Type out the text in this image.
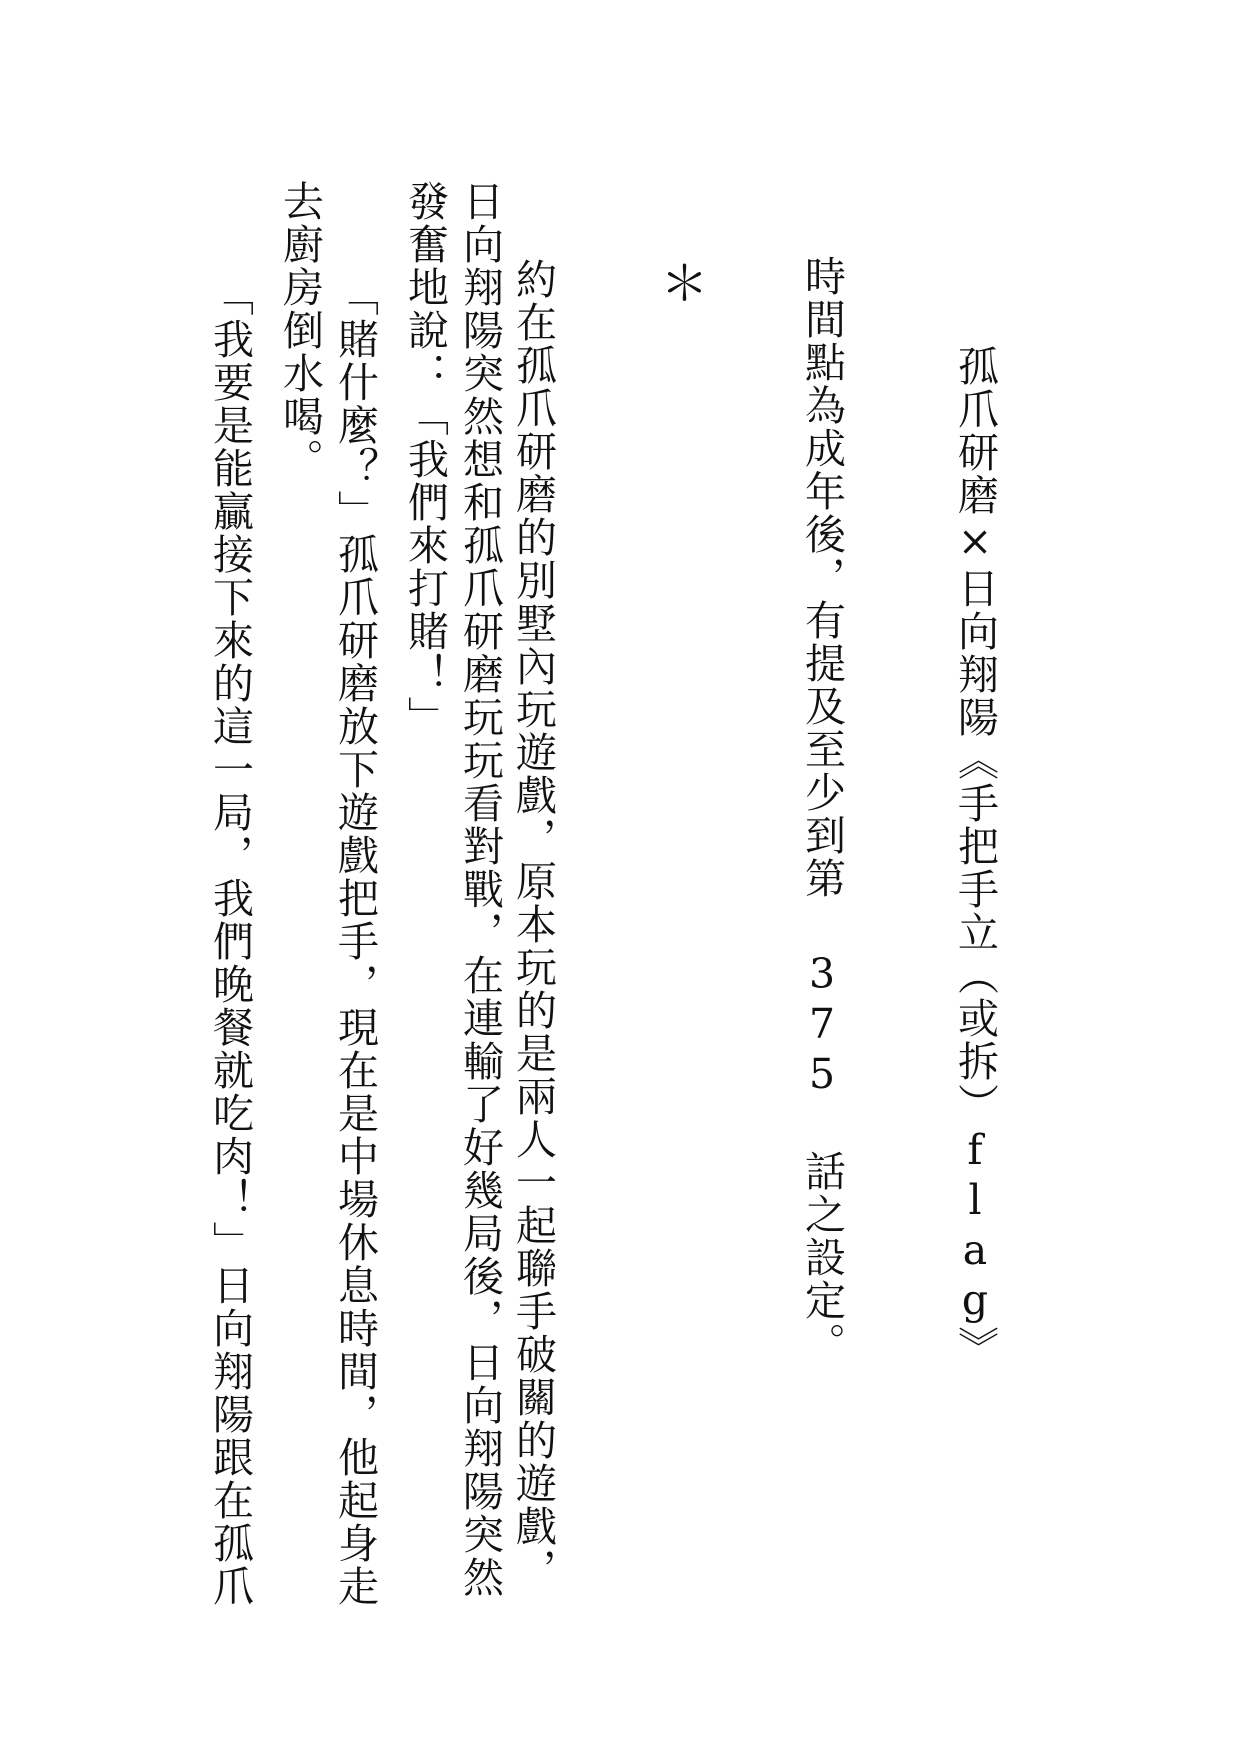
孤爪研磨×日向翔陽《手把手立（或拆）flag》
時間點為成年後，有提及至少到第 375 話之設定。
＊
約在孤爪研磨的別墅內玩遊戲，原本玩的是兩人一起聯手破關的遊戲，
日向翔陽突然想和孤爪研磨玩玩看對戰，在連輸了好幾局後，日向翔陽突然
發奮地說：「我們來打賭！」
「賭什麼？」孤爪研磨放下遊戲把手，現在是中場休息時間，他起身走
去廚房倒水喝。
「我要是能贏接下來的這一局，我們晚餐就吃肉！」日向翔陽跟在孤爪
